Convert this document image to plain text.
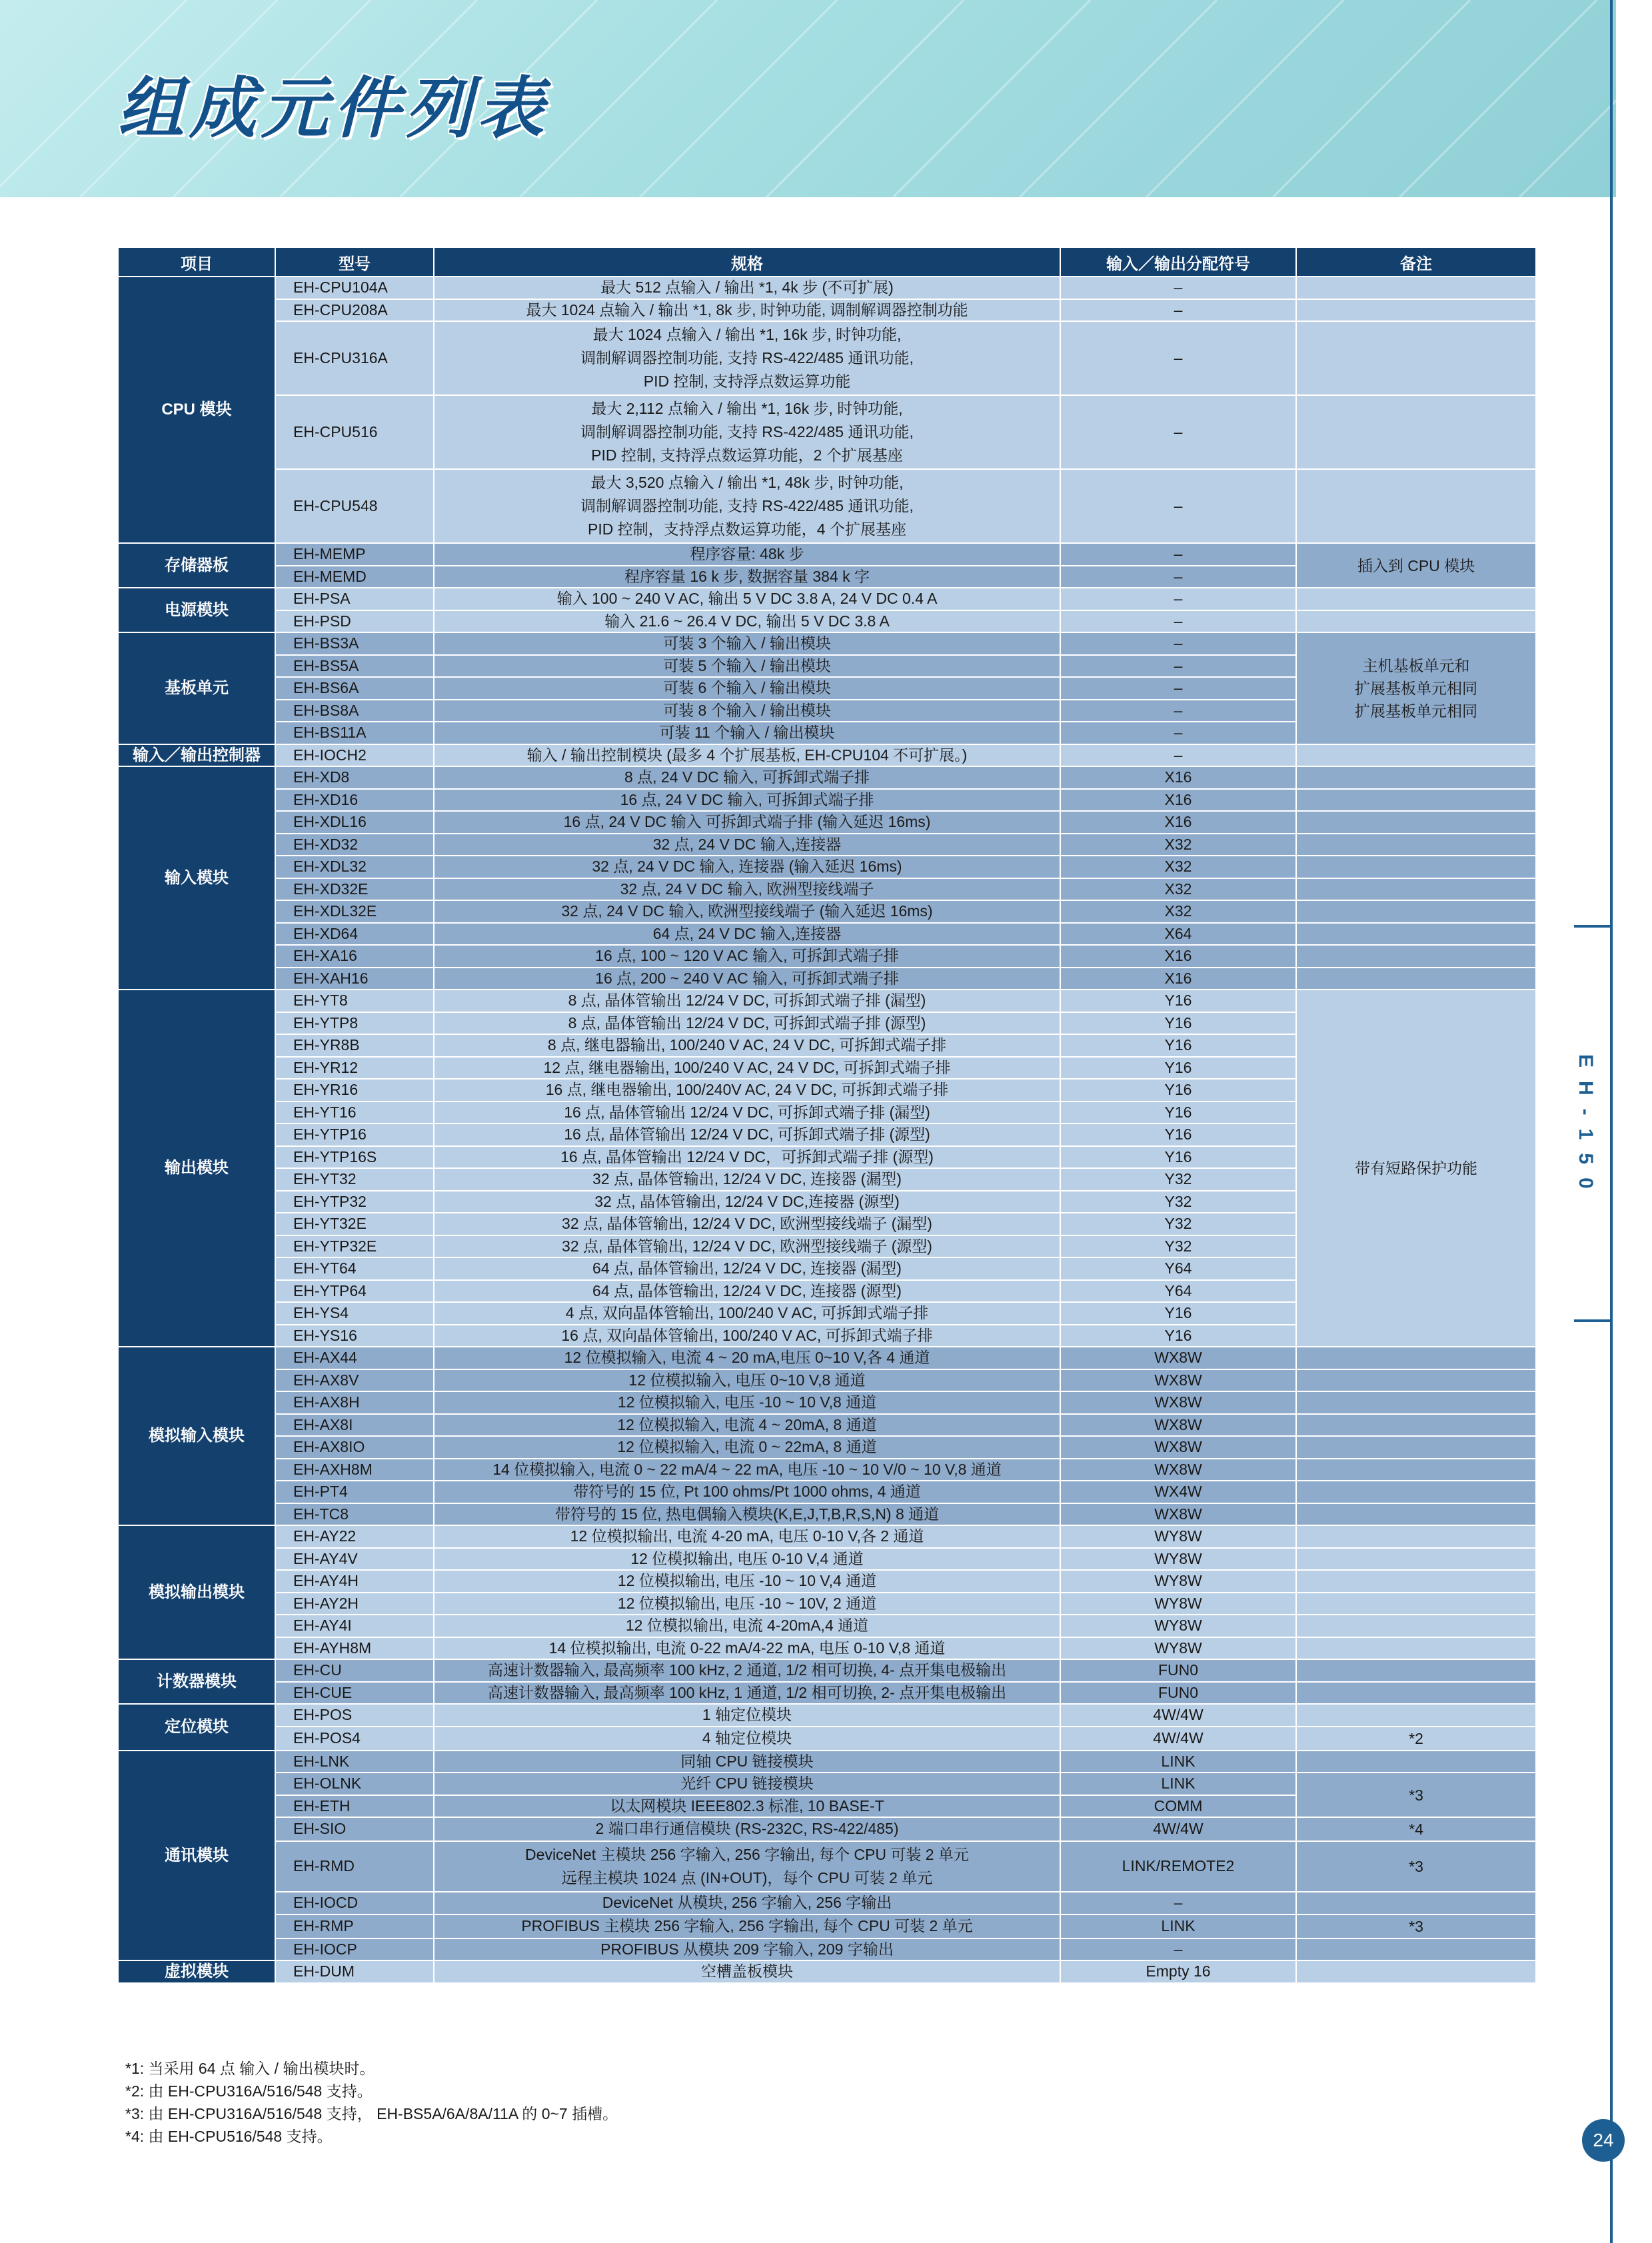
组成元件列表
EH-150
24
项目	型号	规格	输入／输出分配符号	备注
CPU 模块	EH-CPU104A	最大 512 点输入 / 输出 *1, 4k 步 (不可扩展)	–	
	EH-CPU208A	最大 1024 点输入 / 输出 *1, 8k 步, 时钟功能, 调制解调器控制功能	–	
	EH-CPU316A	最大 1024 点输入 / 输出 *1, 16k 步, 时钟功能,
调制解调器控制功能, 支持 RS-422/485 通讯功能,
PID 控制, 支持浮点数运算功能	–	
	EH-CPU516	最大 2,112 点输入 / 输出 *1, 16k 步, 时钟功能,
调制解调器控制功能, 支持 RS-422/485 通讯功能,
PID 控制, 支持浮点数运算功能，2 个扩展基座	–	
	EH-CPU548	最大 3,520 点输入 / 输出 *1, 48k 步, 时钟功能,
调制解调器控制功能, 支持 RS-422/485 通讯功能,
PID 控制，支持浮点数运算功能，4 个扩展基座	–	
存储器板	EH-MEMP	程序容量: 48k 步	–	插入到 CPU 模块
	EH-MEMD	程序容量 16 k 步, 数据容量 384 k 字	–	
电源模块	EH-PSA	输入 100 ~ 240 V AC, 输出 5 V DC 3.8 A, 24 V DC 0.4 A	–	
	EH-PSD	输入 21.6 ~ 26.4 V DC, 输出 5 V DC 3.8 A	–	
基板单元	EH-BS3A	可装 3 个输入 / 输出模块	–	主机基板单元和
扩展基板单元相同
扩展基板单元相同
	EH-BS5A	可装 5 个输入 / 输出模块	–	
	EH-BS6A	可装 6 个输入 / 输出模块	–	
	EH-BS8A	可装 8 个输入 / 输出模块	–	
	EH-BS11A	可装 11 个输入 / 输出模块	–	
输入／输出控制器	EH-IOCH2	输入 / 输出控制模块 (最多 4 个扩展基板, EH-CPU104 不可扩展。)	–	
输入模块	EH-XD8	8 点, 24 V DC 输入, 可拆卸式端子排	X16	
	EH-XD16	16 点, 24 V DC 输入, 可拆卸式端子排	X16	
	EH-XDL16	16 点, 24 V DC 输入 可拆卸式端子排 (输入延迟 16ms)	X16	
	EH-XD32	32 点, 24 V DC 输入,连接器	X32	
	EH-XDL32	32 点, 24 V DC 输入, 连接器 (输入延迟 16ms)	X32	
	EH-XD32E	32 点, 24 V DC 输入, 欧洲型接线端子	X32	
	EH-XDL32E	32 点, 24 V DC 输入, 欧洲型接线端子 (输入延迟 16ms)	X32	
	EH-XD64	64 点, 24 V DC 输入,连接器	X64	
	EH-XA16	16 点, 100 ~ 120 V AC 输入, 可拆卸式端子排	X16	
	EH-XAH16	16 点, 200 ~ 240 V AC 输入, 可拆卸式端子排	X16	
输出模块	EH-YT8	8 点, 晶体管输出 12/24 V DC, 可拆卸式端子排 (漏型)	Y16	带有短路保护功能
	EH-YTP8	8 点, 晶体管输出 12/24 V DC, 可拆卸式端子排 (源型)	Y16	
	EH-YR8B	8 点, 继电器输出, 100/240 V AC, 24 V DC, 可拆卸式端子排	Y16	
	EH-YR12	12 点, 继电器输出, 100/240 V AC, 24 V DC, 可拆卸式端子排	Y16	
	EH-YR16	16 点, 继电器输出, 100/240V AC, 24 V DC, 可拆卸式端子排	Y16	
	EH-YT16	16 点, 晶体管输出 12/24 V DC, 可拆卸式端子排 (漏型)	Y16	
	EH-YTP16	16 点, 晶体管输出 12/24 V DC, 可拆卸式端子排 (源型)	Y16	
	EH-YTP16S	16 点, 晶体管输出 12/24 V DC，可拆卸式端子排 (源型)	Y16	
	EH-YT32	32 点, 晶体管输出, 12/24 V DC, 连接器 (漏型)	Y32	
	EH-YTP32	32 点, 晶体管输出, 12/24 V DC,连接器 (源型)	Y32	
	EH-YT32E	32 点, 晶体管输出, 12/24 V DC, 欧洲型接线端子 (漏型)	Y32	
	EH-YTP32E	32 点, 晶体管输出, 12/24 V DC, 欧洲型接线端子 (源型)	Y32	
	EH-YT64	64 点, 晶体管输出, 12/24 V DC, 连接器 (漏型)	Y64	
	EH-YTP64	64 点, 晶体管输出, 12/24 V DC, 连接器 (源型)	Y64	
	EH-YS4	4 点, 双向晶体管输出, 100/240 V AC, 可拆卸式端子排	Y16	
	EH-YS16	16 点, 双向晶体管输出, 100/240 V AC, 可拆卸式端子排	Y16	
模拟输入模块	EH-AX44	12 位模拟输入, 电流 4 ~ 20 mA,电压 0~10 V,各 4 通道	WX8W	
	EH-AX8V	12 位模拟输入, 电压 0~10 V,8 通道	WX8W	
	EH-AX8H	12 位模拟输入, 电压 -10 ~ 10 V,8 通道	WX8W	
	EH-AX8I	12 位模拟输入, 电流 4 ~ 20mA, 8 通道	WX8W	
	EH-AX8IO	12 位模拟输入, 电流 0 ~ 22mA, 8 通道	WX8W	
	EH-AXH8M	14 位模拟输入, 电流 0 ~ 22 mA/4 ~ 22 mA, 电压 -10 ~ 10 V/0 ~ 10 V,8 通道	WX8W	
	EH-PT4	带符号的 15 位, Pt 100 ohms/Pt 1000 ohms, 4 通道	WX4W	
	EH-TC8	带符号的 15 位, 热电偶输入模块(K,E,J,T,B,R,S,N) 8 通道	WX8W	
模拟输出模块	EH-AY22	12 位模拟输出, 电流 4-20 mA, 电压 0-10 V,各 2 通道	WY8W	
	EH-AY4V	12 位模拟输出, 电压 0-10 V,4 通道	WY8W	
	EH-AY4H	12 位模拟输出, 电压 -10 ~ 10 V,4 通道	WY8W	
	EH-AY2H	12 位模拟输出, 电压 -10 ~ 10V, 2 通道	WY8W	
	EH-AY4I	12 位模拟输出, 电流 4-20mA,4 通道	WY8W	
	EH-AYH8M	14 位模拟输出, 电流 0-22 mA/4-22 mA, 电压 0-10 V,8 通道	WY8W	
计数器模块	EH-CU	高速计数器输入, 最高频率 100 kHz, 2 通道, 1/2 相可切换, 4- 点开集电极输出	FUN0	
	EH-CUE	高速计数器输入, 最高频率 100 kHz, 1 通道, 1/2 相可切换, 2- 点开集电极输出	FUN0	
定位模块	EH-POS	1 轴定位模块	4W/4W	
	EH-POS4	4 轴定位模块	4W/4W	*2
通讯模块	EH-LNK	同轴 CPU 链接模块	LINK	
	EH-OLNK	光纤 CPU 链接模块	LINK	*3
	EH-ETH	以太网模块 IEEE802.3 标准, 10 BASE-T	COMM	
	EH-SIO	2 端口串行通信模块 (RS-232C, RS-422/485)	4W/4W	*4
	EH-RMD	DeviceNet 主模块 256 字输入, 256 字输出, 每个 CPU 可装 2 单元
远程主模块 1024 点 (IN+OUT)，每个 CPU 可装 2 单元	LINK/REMOTE2	*3
	EH-IOCD	DeviceNet 从模块, 256 字输入, 256 字输出	–	
	EH-RMP	PROFIBUS 主模块 256 字输入, 256 字输出, 每个 CPU 可装 2 单元	LINK	*3
	EH-IOCP	PROFIBUS 从模块 209 字输入, 209 字输出	–	
虚拟模块	EH-DUM	空槽盖板模块	Empty 16	
*1: 当采用 64 点 输入 / 输出模块时。
*2: 由 EH-CPU316A/516/548 支持。
*3: 由 EH-CPU316A/516/548 支持， EH-BS5A/6A/8A/11A 的 0~7 插槽。
*4: 由 EH-CPU516/548 支持。
